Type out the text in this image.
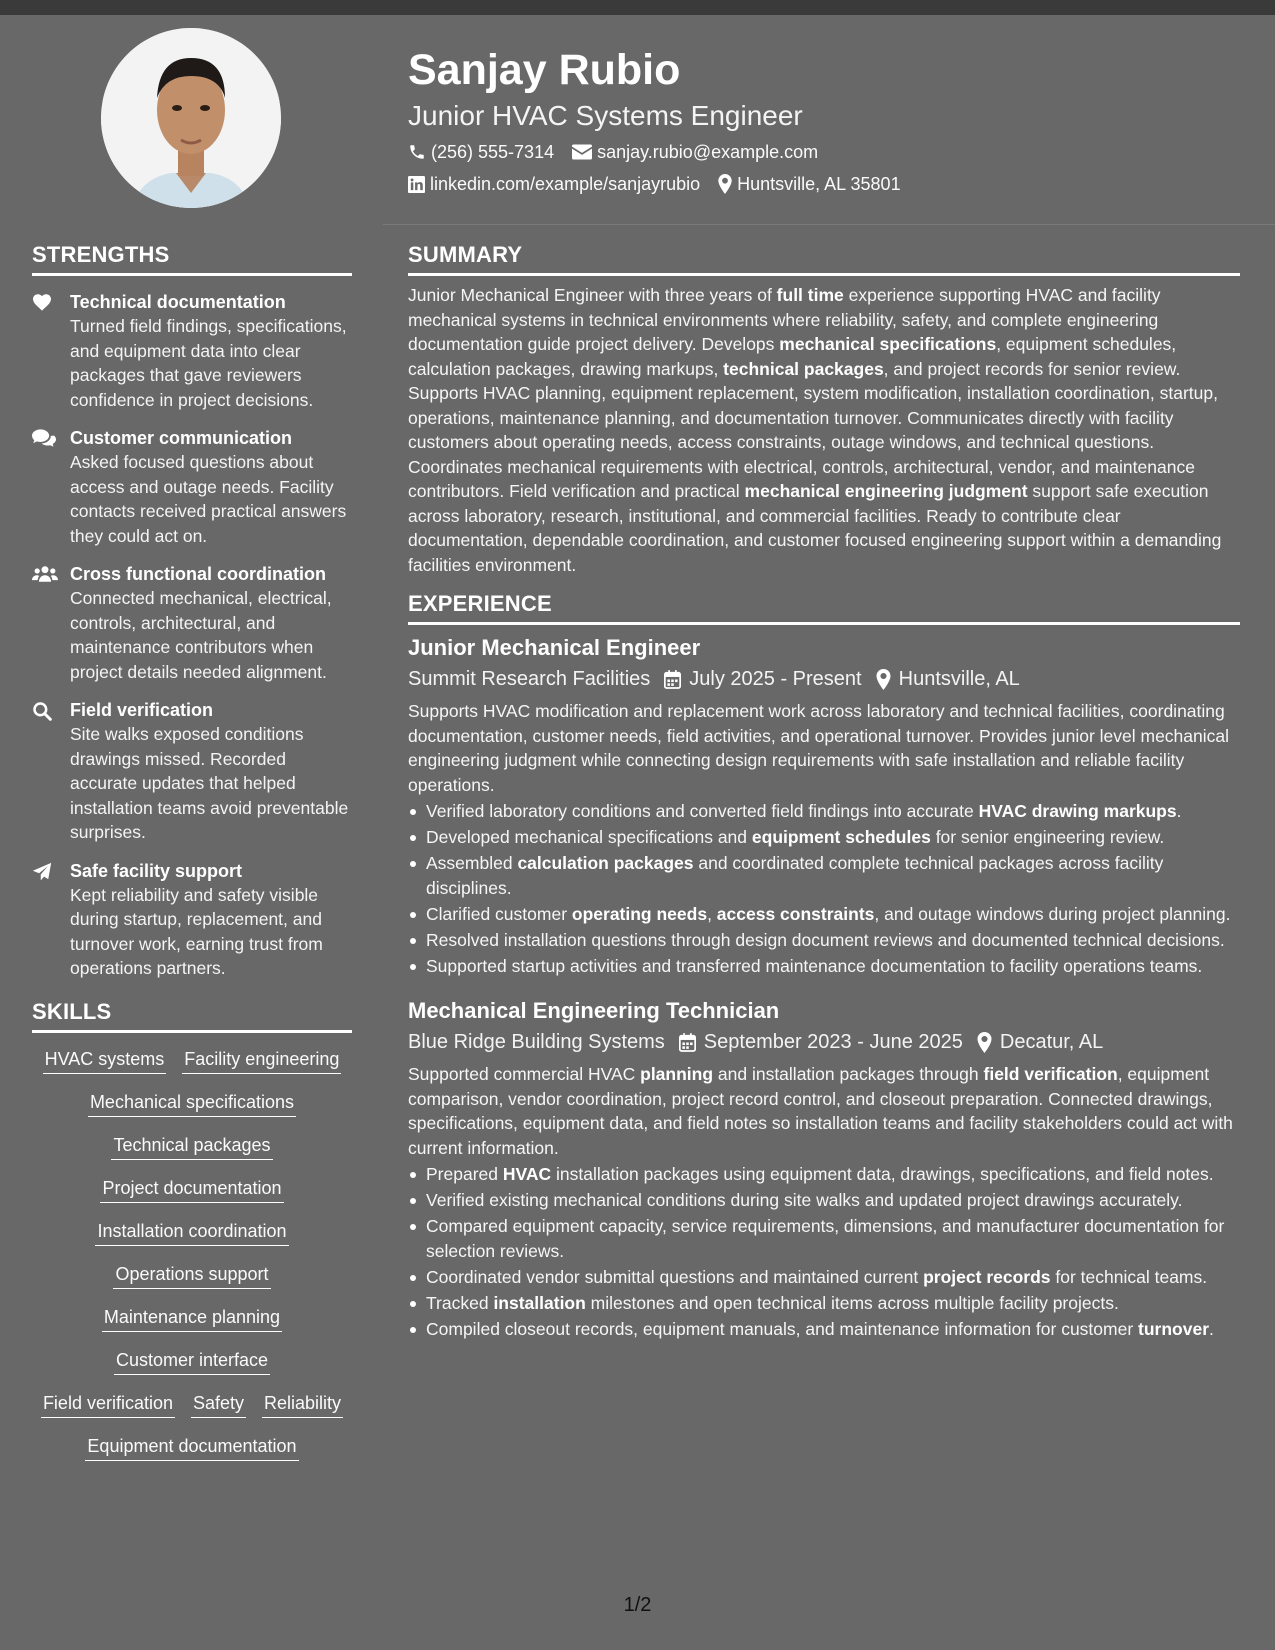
Sanjay Rubio
Junior HVAC Systems Engineer
(256) 555-7314 sanjay.rubio@example.com
linkedin.com/example/sanjayrubio Huntsville, AL 35801
STRENGTHS
Technical documentation
Turned field findings, specifications, and equipment data into clear packages that gave reviewers confidence in project decisions.
Customer communication
Asked focused questions about access and outage needs. Facility contacts received practical answers they could act on.
Cross functional coordination
Connected mechanical, electrical, controls, architectural, and maintenance contributors when project details needed alignment.
Field verification
Site walks exposed conditions drawings missed. Recorded accurate updates that helped installation teams avoid preventable surprises.
Safe facility support
Kept reliability and safety visible during startup, replacement, and turnover work, earning trust from operations partners.
SKILLS
HVAC systems Facility engineering
Mechanical specifications
Technical packages
Project documentation
Installation coordination
Operations support
Maintenance planning
Customer interface
Field verification Safety Reliability
Equipment documentation
SUMMARY
Junior Mechanical Engineer with three years of full time experience supporting HVAC and facility mechanical systems in technical environments where reliability, safety, and complete engineering documentation guide project delivery. Develops mechanical specifications, equipment schedules, calculation packages, drawing markups, technical packages, and project records for senior review. Supports HVAC planning, equipment replacement, system modification, installation coordination, startup, operations, maintenance planning, and documentation turnover. Communicates directly with facility customers about operating needs, access constraints, outage windows, and technical questions. Coordinates mechanical requirements with electrical, controls, architectural, vendor, and maintenance contributors. Field verification and practical mechanical engineering judgment support safe execution across laboratory, research, institutional, and commercial facilities. Ready to contribute clear documentation, dependable coordination, and customer focused engineering support within a demanding facilities environment.
EXPERIENCE
Junior Mechanical Engineer
Summit Research Facilities July 2025 - Present Huntsville, AL
Supports HVAC modification and replacement work across laboratory and technical facilities, coordinating documentation, customer needs, field activities, and operational turnover. Provides junior level mechanical engineering judgment while connecting design requirements with safe installation and reliable facility operations.
Verified laboratory conditions and converted field findings into accurate HVAC drawing markups.
Developed mechanical specifications and equipment schedules for senior engineering review.
Assembled calculation packages and coordinated complete technical packages across facility disciplines.
Clarified customer operating needs, access constraints, and outage windows during project planning.
Resolved installation questions through design document reviews and documented technical decisions.
Supported startup activities and transferred maintenance documentation to facility operations teams.
Mechanical Engineering Technician
Blue Ridge Building Systems September 2023 - June 2025 Decatur, AL
Supported commercial HVAC planning and installation packages through field verification, equipment comparison, vendor coordination, project record control, and closeout preparation. Connected drawings, specifications, equipment data, and field notes so installation teams and facility stakeholders could act with current information.
Prepared HVAC installation packages using equipment data, drawings, specifications, and field notes.
Verified existing mechanical conditions during site walks and updated project drawings accurately.
Compared equipment capacity, service requirements, dimensions, and manufacturer documentation for selection reviews.
Coordinated vendor submittal questions and maintained current project records for technical teams.
Tracked installation milestones and open technical items across multiple facility projects.
Compiled closeout records, equipment manuals, and maintenance information for customer turnover.
1/2
